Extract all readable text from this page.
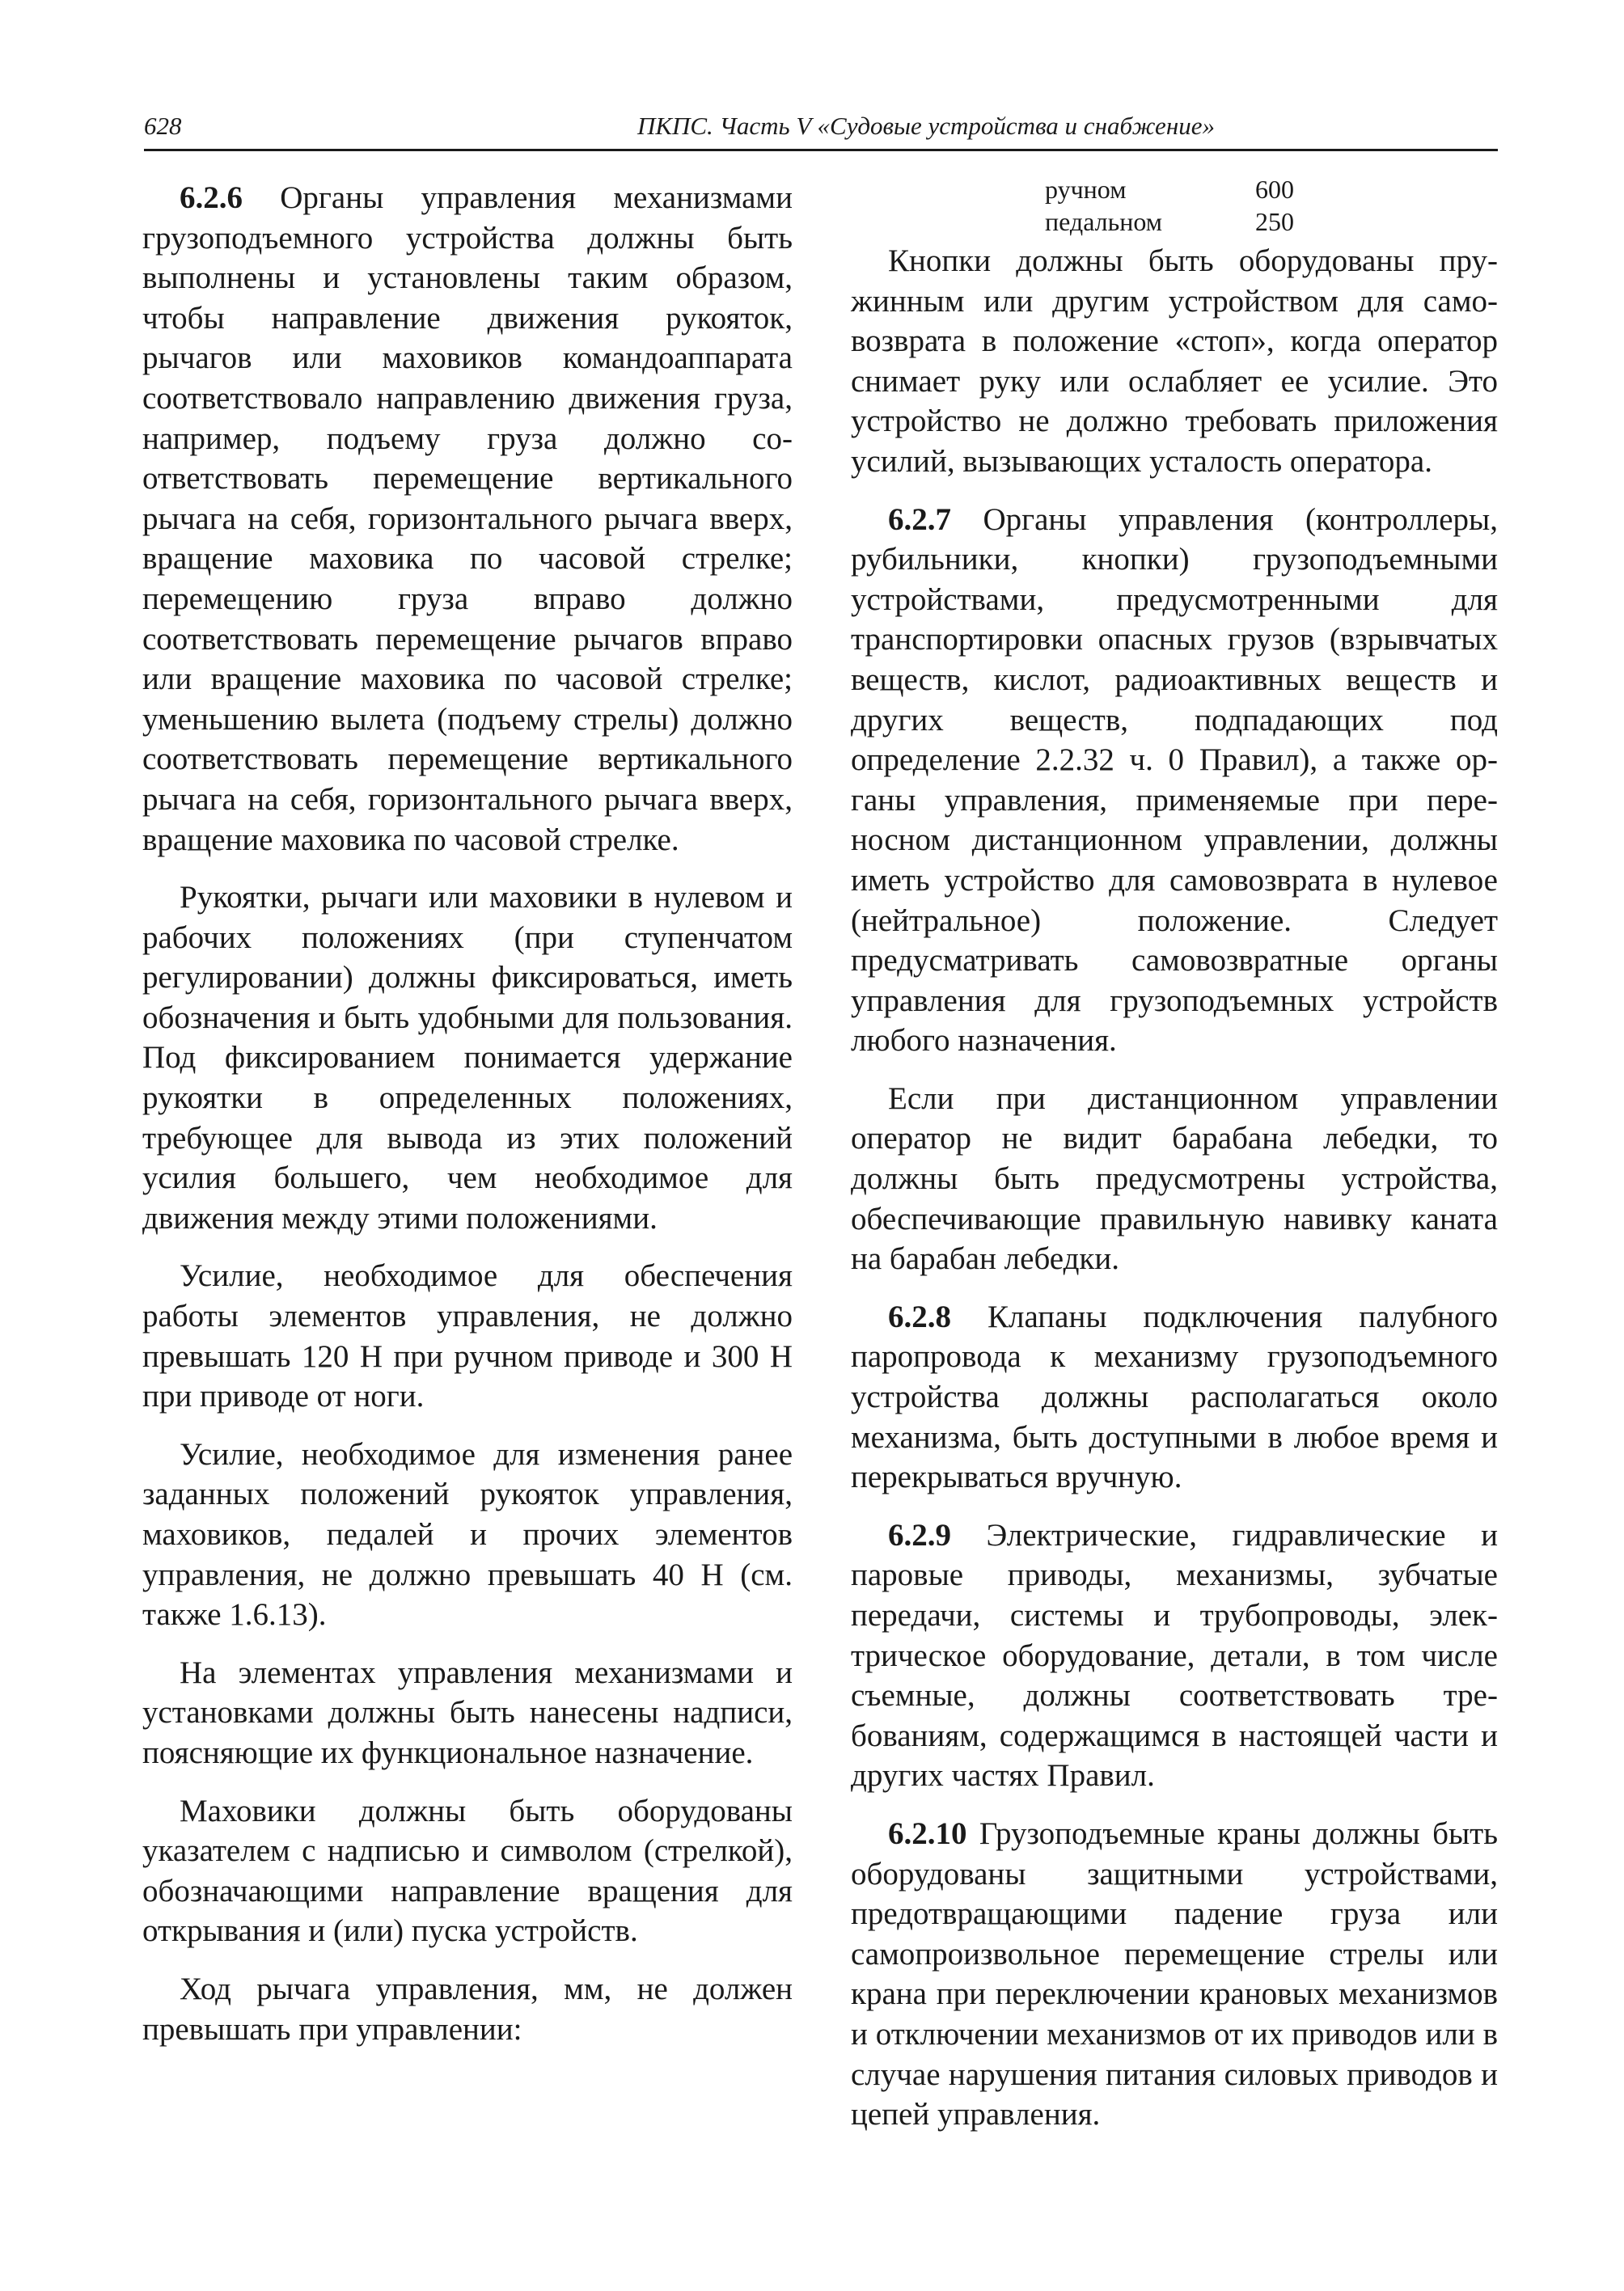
628	ПКПС. Часть V «Судовые устройства и снабжение»

6.2.6 Органы управления механизмами грузоподъемного устройства должны быть выполнены и установлены таким образом, чтобы направление движения рукояток, рычагов или маховиков командоаппарата соответствовало направлению движения груза, например, подъему груза должно соответствовать перемещение вертикального рычага на себя, горизонтального рычага вверх, вращение маховика по часовой стрелке; перемещению груза вправо должно соответствовать перемещение рычагов вправо или вращение маховика по часовой стрелке; уменьшению вылета (подъему стрелы) должно соответствовать перемещение вертикального рычага на себя, горизонтального рычага вверх, вращение маховика по часовой стрелке.

Рукоятки, рычаги или маховики в нулевом и рабочих положениях (при ступенчатом регулировании) должны фиксироваться, иметь обозначения и быть удобными для пользования. Под фиксированием понимается удержание рукоятки в определенных положениях, требующее для вывода из этих положений усилия большего, чем необходимое для движения между этими положениями.

Усилие, необходимое для обеспечения работы элементов управления, не должно превышать 120 Н при ручном приводе и 300 Н при приводе от ноги.

Усилие, необходимое для изменения ранее заданных положений рукояток управления, маховиков, педалей и прочих элементов управления, не должно превышать 40 Н (см. также 1.6.13).

На элементах управления механизмами и установками должны быть нанесены надписи, поясняющие их функциональное назначение.

Маховики должны быть оборудованы указателем с надписью и символом (стрелкой), обозначающими направление вращения для открывания и (или) пуска устройств.

Ход рычага управления, мм, не должен превышать при управлении:

ручном	600
педальном	250

Кнопки должны быть оборудованы пружинным или другим устройством для самовозврата в положение «стоп», когда оператор снимает руку или ослабляет ее усилие. Это устройство не должно требовать приложения усилий, вызывающих усталость оператора.

6.2.7 Органы управления (контроллеры, рубильники, кнопки) грузоподъемными устройствами, предусмотренными для транспортировки опасных грузов (взрывчатых веществ, кислот, радиоактивных веществ и других веществ, подпадающих под определение 2.2.32 ч. 0 Правил), а также органы управления, применяемые при переносном дистанционном управлении, должны иметь устройство для самовозврата в нулевое (нейтральное) положение. Следует предусматривать самовозвратные органы управления для грузоподъемных устройств любого назначения.

Если при дистанционном управлении оператор не видит барабана лебедки, то должны быть предусмотрены устройства, обеспечивающие правильную навивку каната на барабан лебедки.

6.2.8 Клапаны подключения палубного паропровода к механизму грузоподъемного устройства должны располагаться около механизма, быть доступными в любое время и перекрываться вручную.

6.2.9 Электрические, гидравлические и паровые приводы, механизмы, зубчатые передачи, системы и трубопроводы, электрическое оборудование, детали, в том числе съемные, должны соответствовать требованиям, содержащимся в настоящей части и других частях Правил.

6.2.10 Грузоподъемные краны должны быть оборудованы защитными устройствами, предотвращающими падение груза или самопроизвольное перемещение стрелы или крана при переключении крановых механизмов и отключении механизмов от их приводов или в случае нарушения питания силовых приводов и цепей управления.
